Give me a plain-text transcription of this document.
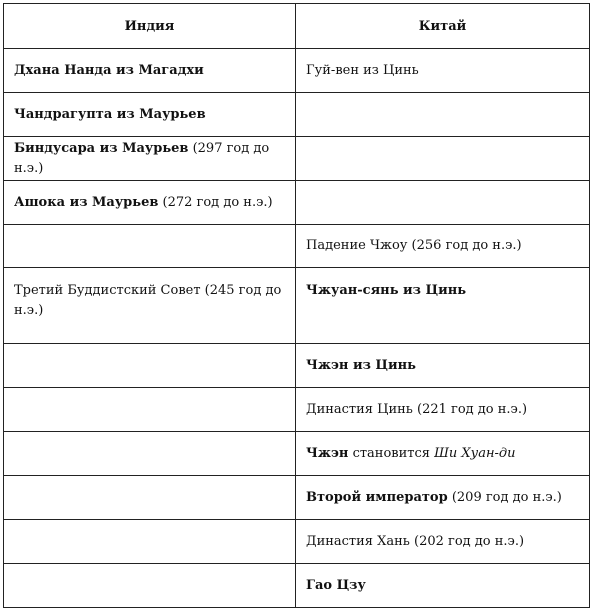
Индия	Китай
Дхана Нанда из Магадхи	Гуй-вен из Цинь
Чандрагупта из Маурьев	
Биндусара из Маурьев (297 год до н.э.)	
Ашока из Маурьев (272 год до н.э.)	
	Падение Чжоу (256 год до н.э.)
Третий Буддистский Совет (245 год до н.э.)	Чжуан-сянь из Цинь
	Чжэн из Цинь
	Династия Цинь (221 год до н.э.)
	Чжэн становится Ши Хуан-ди
	Второй император (209 год до н.э.)
	Династия Хань (202 год до н.э.)
	Гао Цзу
